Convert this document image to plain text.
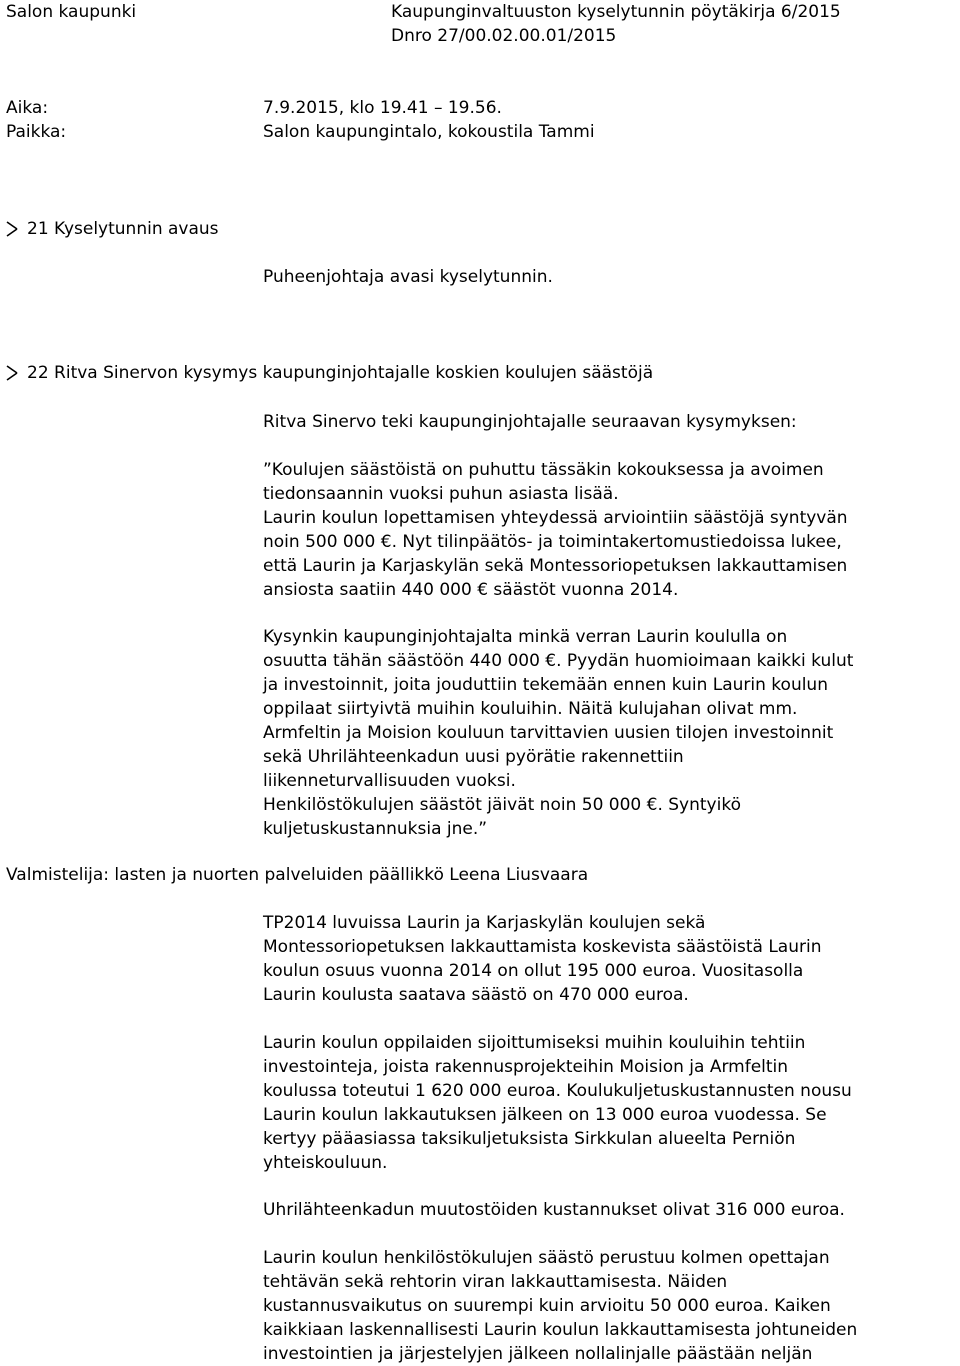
Salon kaupunki	Kaupunginvaltuuston kyselytunnin pöytäkirja 6/2015
Dnro 27/00.02.00.01/2015
Aika:	7.9.2015, klo 19.41 – 19.56.
Paikka:	Salon kaupungintalo, kokoustila Tammi
21 Kyselytunnin avaus
Puheenjohtaja avasi kyselytunnin.
22 Ritva Sinervon kysymys kaupunginjohtajalle koskien koulujen säästöjä
Ritva Sinervo teki kaupunginjohtajalle seuraavan kysymyksen:
”Koulujen säästöistä on puhuttu tässäkin kokouksessa ja avoimen
tiedonsaannin vuoksi puhun asiasta lisää.
Laurin koulun lopettamisen yhteydessä arviointiin säästöjä syntyvän
noin 500 000 €. Nyt tilinpäätös- ja toimintakertomustiedoissa lukee,
että Laurin ja Karjaskylän sekä Montessoriopetuksen lakkauttamisen
ansiosta saatiin 440 000 € säästöt vuonna 2014.
Kysynkin kaupunginjohtajalta minkä verran Laurin koululla on
osuutta tähän säästöön 440 000 €. Pyydän huomioimaan kaikki kulut
ja investoinnit, joita jouduttiin tekemään ennen kuin Laurin koulun
oppilaat siirtyivtä muihin kouluihin. Näitä kulujahan olivat mm.
Armfeltin ja Moision kouluun tarvittavien uusien tilojen investoinnit
sekä Uhrilähteenkadun uusi pyörätie rakennettiin
liikenneturvallisuuden vuoksi.
Henkilöstökulujen säästöt jäivät noin 50 000 €. Syntyikö
kuljetuskustannuksia jne.”
Valmistelija: lasten ja nuorten palveluiden päällikkö Leena Liusvaara
TP2014 luvuissa Laurin ja Karjaskylän koulujen sekä
Montessoriopetuksen lakkauttamista koskevista säästöistä Laurin
koulun osuus vuonna 2014 on ollut 195 000 euroa. Vuositasolla
Laurin koulusta saatava säästö on 470 000 euroa.
Laurin koulun oppilaiden sijoittumiseksi muihin kouluihin tehtiin
investointeja, joista rakennusprojekteihin Moision ja Armfeltin
koulussa toteutui 1 620 000 euroa. Koulukuljetuskustannusten nousu
Laurin koulun lakkautuksen jälkeen on 13 000 euroa vuodessa. Se
kertyy pääasiassa taksikuljetuksista Sirkkulan alueelta Perniön
yhteiskouluun.
Uhrilähteenkadun muutostöiden kustannukset olivat 316 000 euroa.
Laurin koulun henkilöstökulujen säästö perustuu kolmen opettajan
tehtävän sekä rehtorin viran lakkauttamisesta. Näiden
kustannusvaikutus on suurempi kuin arvioitu 50 000 euroa. Kaiken
kaikkiaan laskennallisesti Laurin koulun lakkauttamisesta johtuneiden
investointien ja järjestelyjen jälkeen nollalinjalle päästään neljän
